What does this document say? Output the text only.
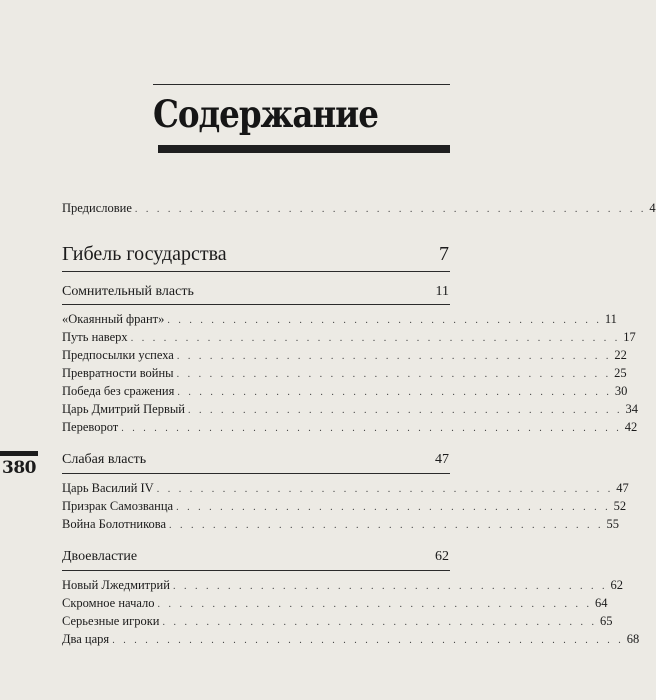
Содержание
Предисловие . . . . . . . . . . . . . . . . . . . . . . . . . . . . . . . . . . . . . . . . . . . . . . . 4
Гибель государства	7
Сомнительный власть	11
«Окаянный франт» . . . . . . . . . . . . . . . . . . . . . . . . . . . . . . . . . . . . . . . . 11
Путь наверх . . . . . . . . . . . . . . . . . . . . . . . . . . . . . . . . . . . . . . . . . . . . . 17
Предпосылки успеха . . . . . . . . . . . . . . . . . . . . . . . . . . . . . . . . . . . . . . . . 22
Превратности войны . . . . . . . . . . . . . . . . . . . . . . . . . . . . . . . . . . . . . . . . 25
Победа без сражения . . . . . . . . . . . . . . . . . . . . . . . . . . . . . . . . . . . . . . . . 30
Царь Дмитрий Первый . . . . . . . . . . . . . . . . . . . . . . . . . . . . . . . . . . . . . . . . 34
Переворот . . . . . . . . . . . . . . . . . . . . . . . . . . . . . . . . . . . . . . . . . . . . . . 42
380 Слабая власть	47
Царь Василий IV . . . . . . . . . . . . . . . . . . . . . . . . . . . . . . . . . . . . . . . . . . 47
Призрак Самозванца . . . . . . . . . . . . . . . . . . . . . . . . . . . . . . . . . . . . . . . . 52
Война Болотникова . . . . . . . . . . . . . . . . . . . . . . . . . . . . . . . . . . . . . . . . 55
Двоевластие	62
Новый Лжедмитрий . . . . . . . . . . . . . . . . . . . . . . . . . . . . . . . . . . . . . . . . 62
Скромное начало . . . . . . . . . . . . . . . . . . . . . . . . . . . . . . . . . . . . . . . . 64
Серьезные игроки . . . . . . . . . . . . . . . . . . . . . . . . . . . . . . . . . . . . . . . . 65
Два царя . . . . . . . . . . . . . . . . . . . . . . . . . . . . . . . . . . . . . . . . . . . . . . . 68
